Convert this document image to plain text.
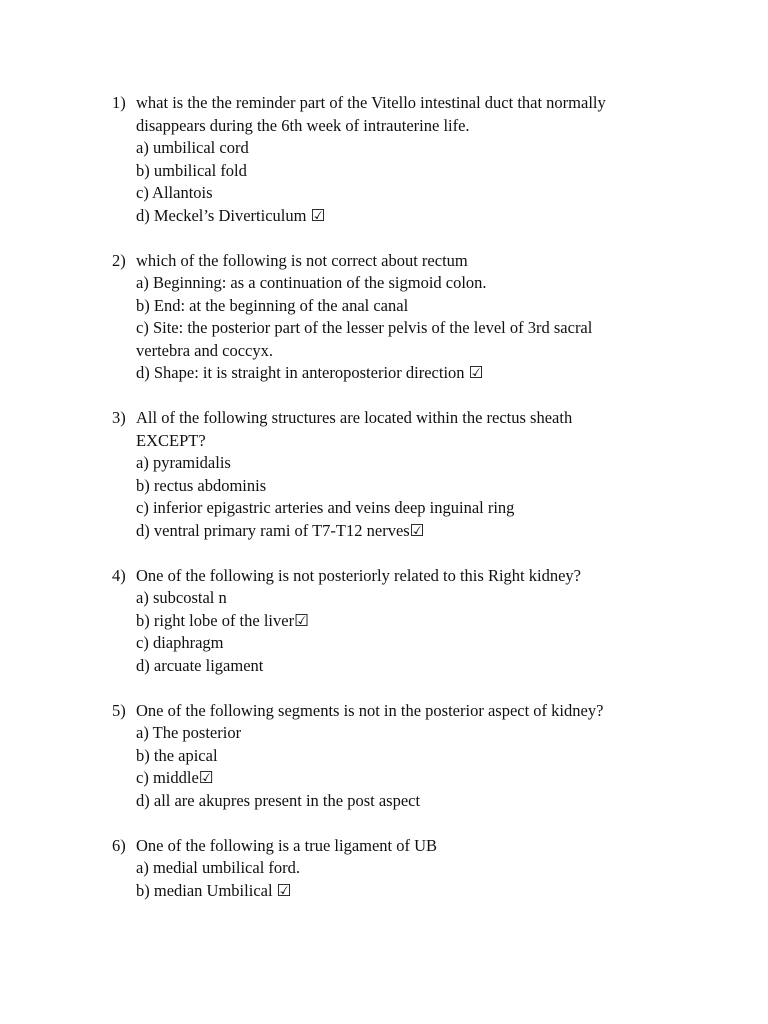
1) what is the the reminder part of the Vitello intestinal duct that normally
disappears during the 6th week of intrauterine life.
a) umbilical cord
b) umbilical fold
c) Allantois
d) Meckel’s Diverticulum ☑
2) which of the following is not correct about rectum
a) Beginning: as a continuation of the sigmoid colon.
b) End: at the beginning of the anal canal
c) Site: the posterior part of the lesser pelvis of the level of 3rd sacral
vertebra and coccyx.
d) Shape: it is straight in anteroposterior direction ☑
3) All of the following structures are located within the rectus sheath
EXCEPT?
a) pyramidalis
b) rectus abdominis
c) inferior epigastric arteries and veins deep inguinal ring
d) ventral primary rami of T7-T12 nerves☑
4) One of the following is not posteriorly related to this Right kidney?
a) subcostal n
b) right lobe of the liver☑
c) diaphragm
d) arcuate ligament
5) One of the following segments is not in the posterior aspect of kidney?
a) The posterior
b) the apical
c) middle☑
d) all are akupres present in the post aspect
6) One of the following is a true ligament of UB
a) medial umbilical ford.
b) median Umbilical ☑
